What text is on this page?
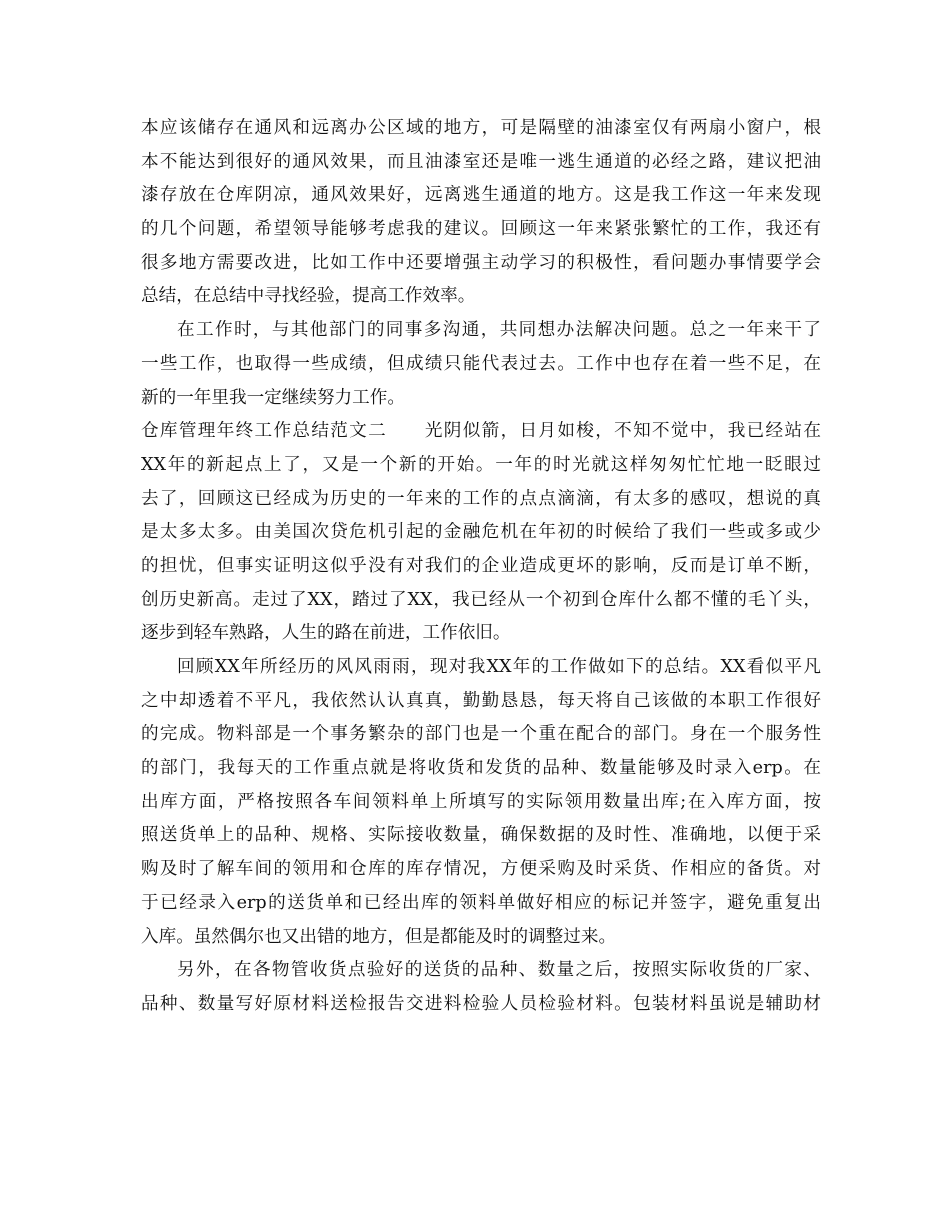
本应该储存在通风和远离办公区域的地方，可是隔壁的油漆室仅有两扇小窗户，根
本不能达到很好的通风效果，而且油漆室还是唯一逃生通道的必经之路，建议把油
漆存放在仓库阴凉，通风效果好，远离逃生通道的地方。这是我工作这一年来发现
的几个问题，希望领导能够考虑我的建议。回顾这一年来紧张繁忙的工作，我还有
很多地方需要改进，比如工作中还要增强主动学习的积极性，看问题办事情要学会
总结，在总结中寻找经验，提高工作效率。
在工作时，与其他部门的同事多沟通，共同想办法解决问题。总之一年来干了
一些工作，也取得一些成绩，但成绩只能代表过去。工作中也存在着一些不足，在
新的一年里我一定继续努力工作。
仓库管理年终工作总结范文二　　光阴似箭，日月如梭，不知不觉中，我已经站在
XX年的新起点上了，又是一个新的开始。一年的时光就这样匆匆忙忙地一眨眼过
去了，回顾这已经成为历史的一年来的工作的点点滴滴，有太多的感叹，想说的真
是太多太多。由美国次贷危机引起的金融危机在年初的时候给了我们一些或多或少
的担忧，但事实证明这似乎没有对我们的企业造成更坏的影响，反而是订单不断，
创历史新高。走过了XX，踏过了XX，我已经从一个初到仓库什么都不懂的毛丫头，
逐步到轻车熟路，人生的路在前进，工作依旧。
回顾XX年所经历的风风雨雨，现对我XX年的工作做如下的总结。XX看似平凡
之中却透着不平凡，我依然认认真真，勤勤恳恳，每天将自己该做的本职工作很好
的完成。物料部是一个事务繁杂的部门也是一个重在配合的部门。身在一个服务性
的部门，我每天的工作重点就是将收货和发货的品种、数量能够及时录入erp。在
出库方面，严格按照各车间领料单上所填写的实际领用数量出库;在入库方面，按
照送货单上的品种、规格、实际接收数量，确保数据的及时性、准确地，以便于采
购及时了解车间的领用和仓库的库存情况，方便采购及时采货、作相应的备货。对
于已经录入erp的送货单和已经出库的领料单做好相应的标记并签字，避免重复出
入库。虽然偶尔也又出错的地方，但是都能及时的调整过来。
另外，在各物管收货点验好的送货的品种、数量之后，按照实际收货的厂家、
品种、数量写好原材料送检报告交进料检验人员检验材料。包装材料虽说是辅助材
